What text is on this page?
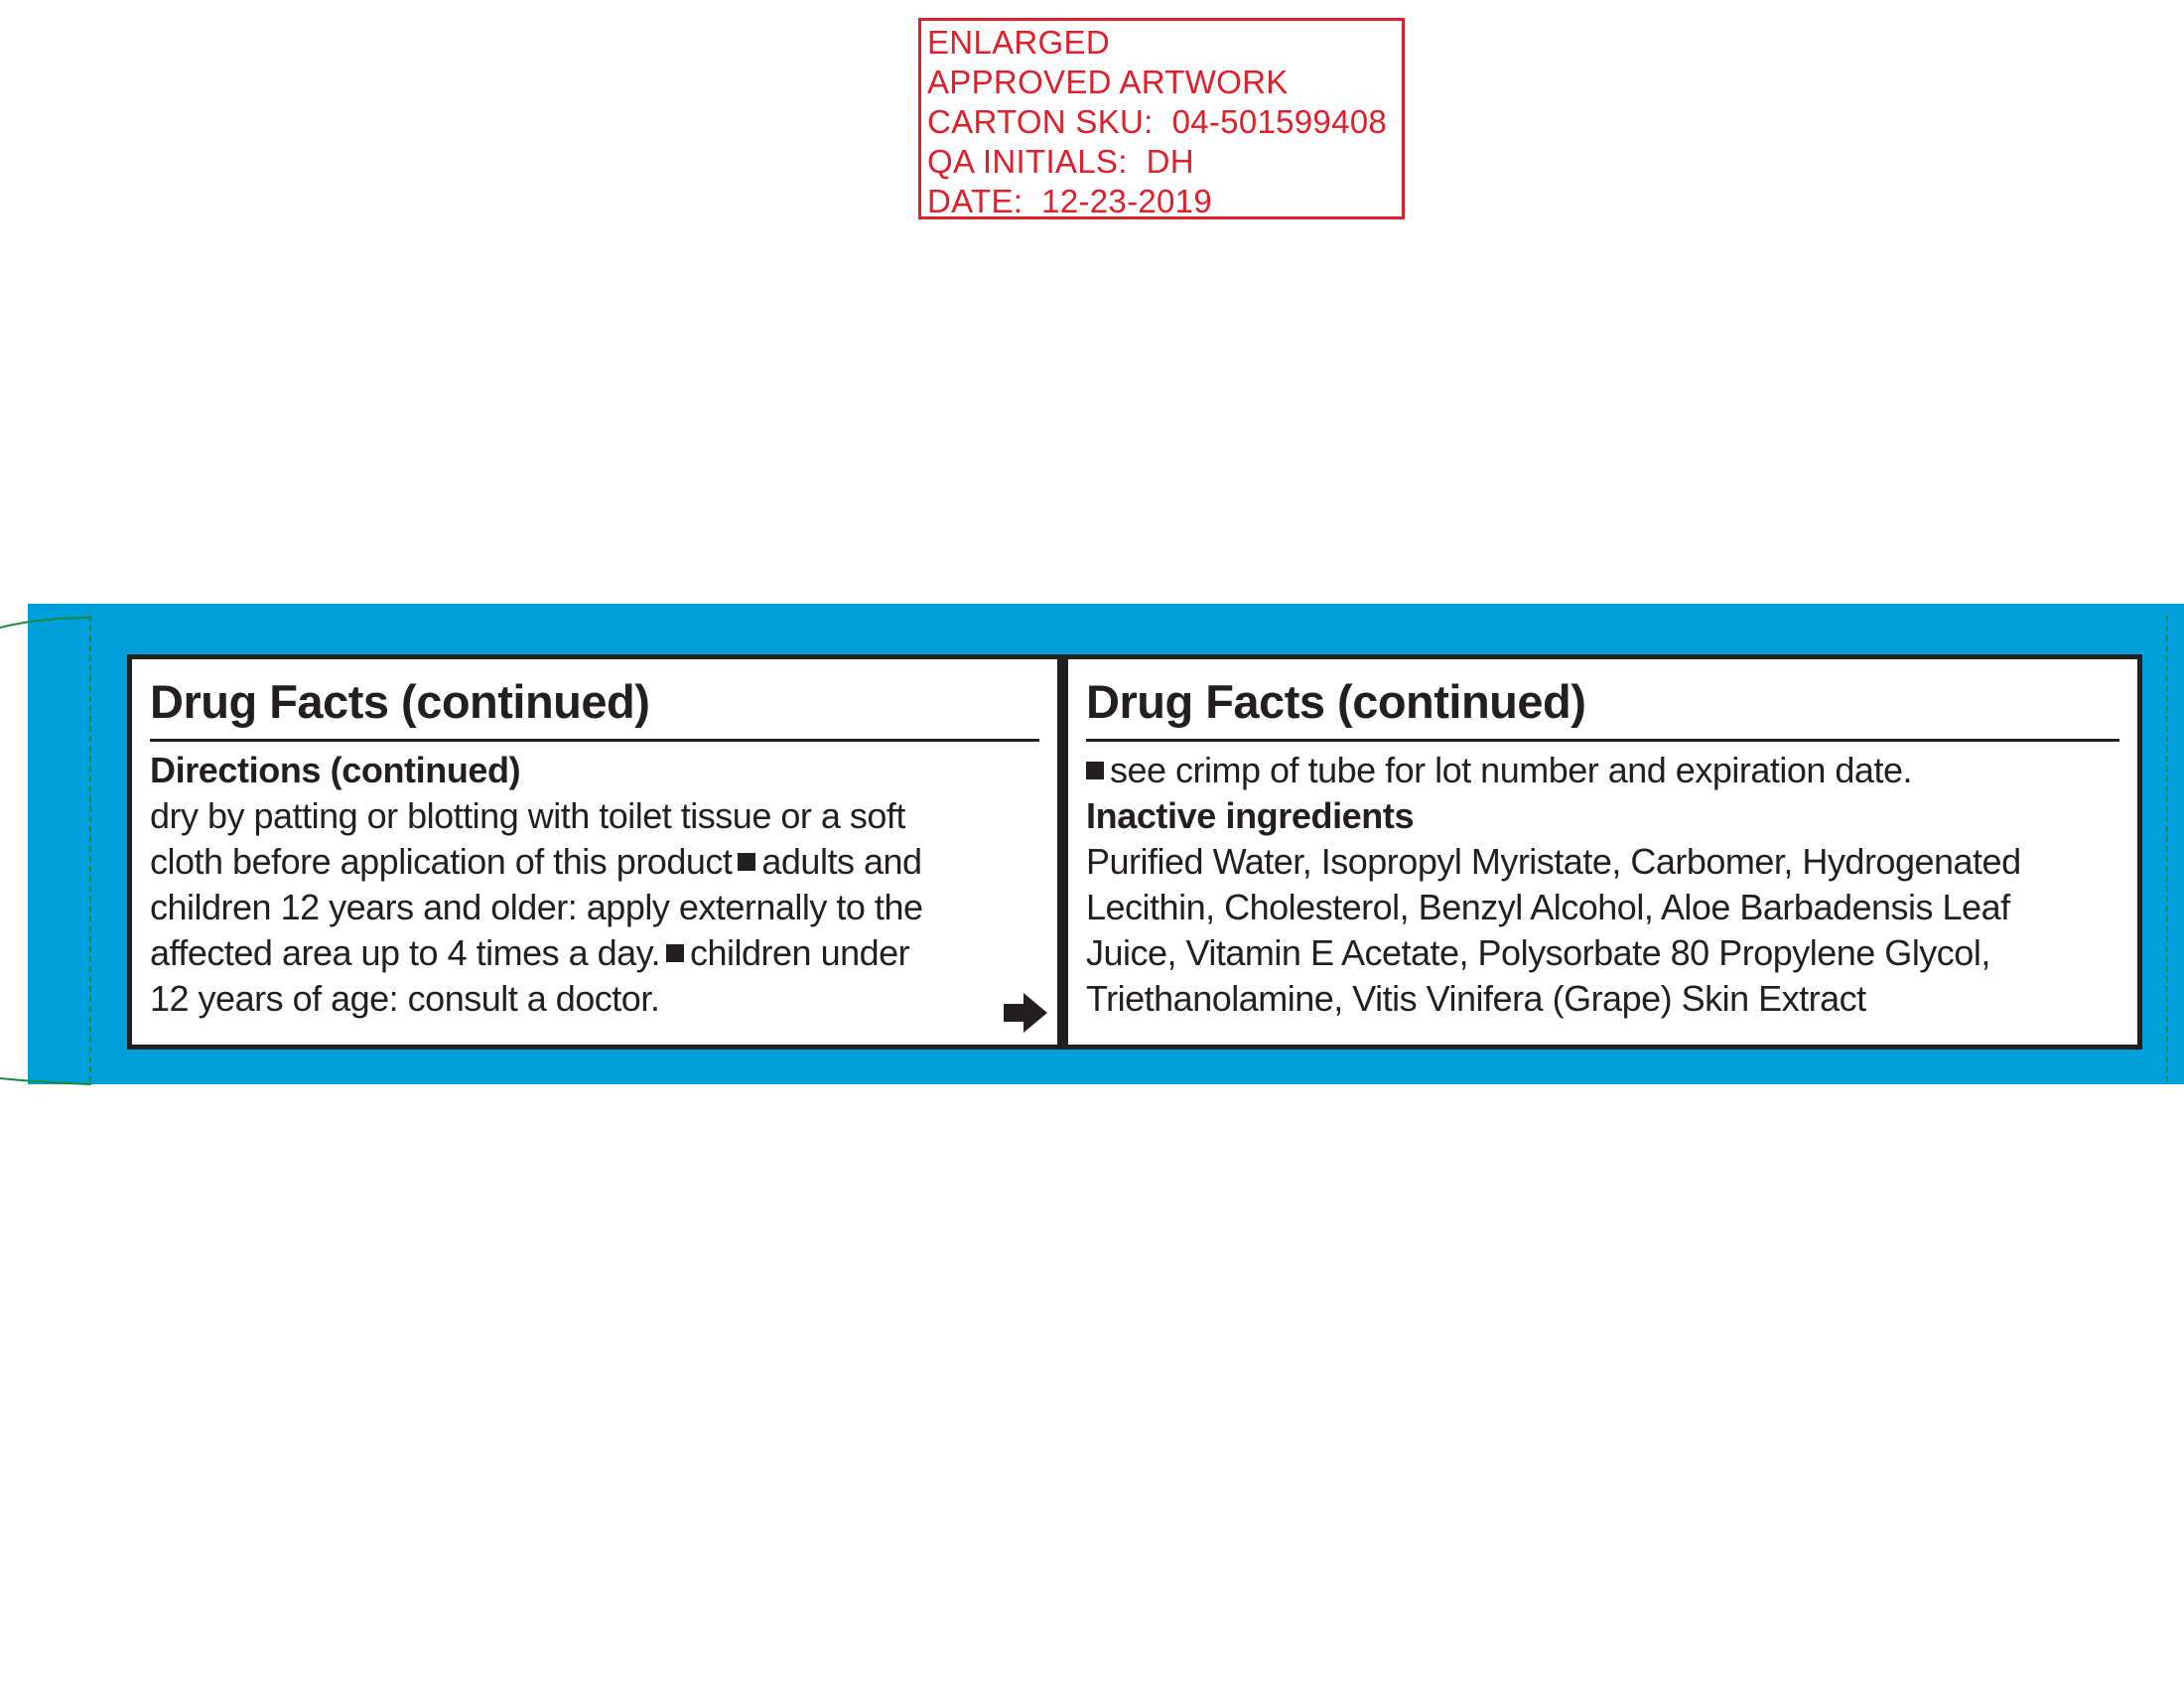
ENLARGED
APPROVED ARTWORK
CARTON SKU:  04-501599408
QA INITIALS:  DH
DATE:  12-23-2019
Drug Facts (continued)
Directions (continued)
dry by patting or blotting with toilet tissue or a soft
cloth before application of this product adults and
children 12 years and older: apply externally to the
affected area up to 4 times a day. children under
12 years of age: consult a doctor.
Drug Facts (continued)
see crimp of tube for lot number and expiration date.
Inactive ingredients
Purified Water, Isopropyl Myristate, Carbomer, Hydrogenated
Lecithin, Cholesterol, Benzyl Alcohol, Aloe Barbadensis Leaf
Juice, Vitamin E Acetate, Polysorbate 80 Propylene Glycol,
Triethanolamine, Vitis Vinifera (Grape) Skin Extract
